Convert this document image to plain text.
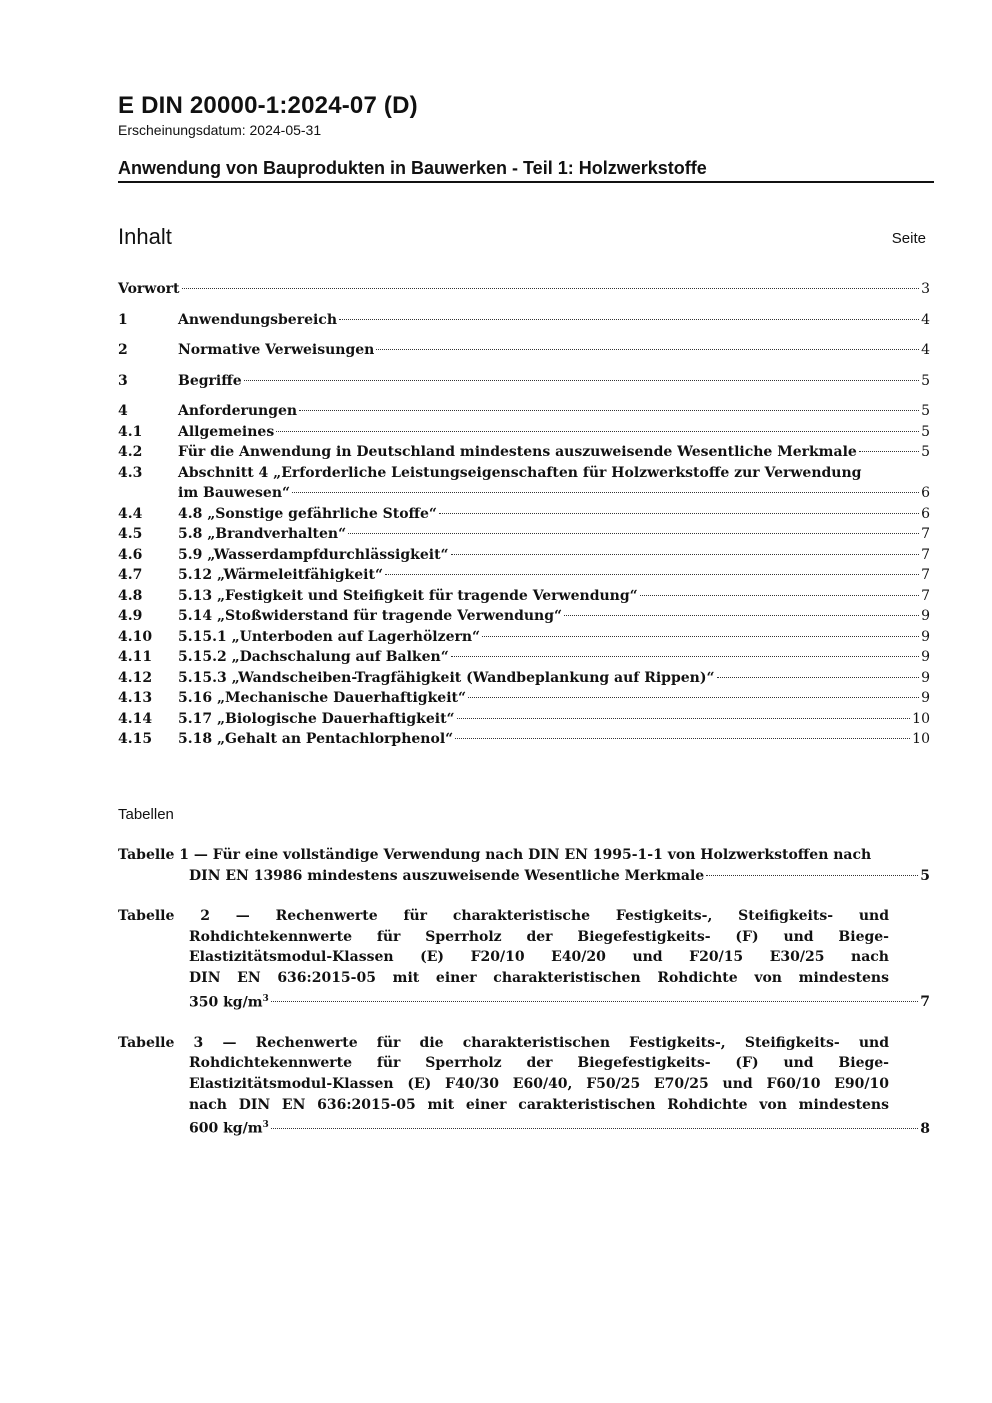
E DIN 20000-1:2024-07 (D)
Erscheinungsdatum: 2024-05-31
Anwendung von Bauprodukten in Bauwerken - Teil 1: Holzwerkstoffe
Inhalt	Seite
Vorwort	3
1	Anwendungsbereich	4
2	Normative Verweisungen	4
3	Begriffe	5
4	Anforderungen	5
4.1	Allgemeines	5
4.2	Für die Anwendung in Deutschland mindestens auszuweisende Wesentliche Merkmale	5
4.3	Abschnitt 4 „Erforderliche Leistungseigenschaften für Holzwerkstoffe zur Verwendung
im Bauwesen“	6
4.4	4.8 „Sonstige gefährliche Stoffe“	6
4.5	5.8 „Brandverhalten“	7
4.6	5.9 „Wasserdampfdurchlässigkeit“	7
4.7	5.12 „Wärmeleitfähigkeit“	7
4.8	5.13 „Festigkeit und Steifigkeit für tragende Verwendung“	7
4.9	5.14 „Stoßwiderstand für tragende Verwendung“	9
4.10	5.15.1 „Unterboden auf Lagerhölzern“	9
4.11	5.15.2 „Dachschalung auf Balken“	9
4.12	5.15.3 „Wandscheiben-Tragfähigkeit (Wandbeplankung auf Rippen)“	9
4.13	5.16 „Mechanische Dauerhaftigkeit“	9
4.14	5.17 „Biologische Dauerhaftigkeit“	10
4.15	5.18 „Gehalt an Pentachlorphenol“	10
Tabellen
Tabelle 1 — Für eine vollständige Verwendung nach DIN EN 1995-1-1 von Holzwerkstoffen nach
DIN EN 13986 mindestens auszuweisende Wesentliche Merkmale	5
Tabelle 2 — Rechenwerte für charakteristische Festigkeits-, Steifigkeits- und
Rohdichtekennwerte für Sperrholz der Biegefestigkeits- (F) und Biege-
Elastizitätsmodul-Klassen (E) F20/10 E40/20 und F20/15 E30/25 nach
DIN EN 636:2015-05 mit einer charakteristischen Rohdichte von mindestens
350 $kg/m^3$	7
Tabelle 3 — Rechenwerte für die charakteristischen Festigkeits-, Steifigkeits- und
Rohdichtekennwerte für Sperrholz der Biegefestigkeits- (F) und Biege-
Elastizitätsmodul-Klassen (E) F40/30 E60/40, F50/25 E70/25 und F60/10 E90/10
nach DIN EN 636:2015-05 mit einer carakteristischen Rohdichte von mindestens
600 $kg/m^3$	8
